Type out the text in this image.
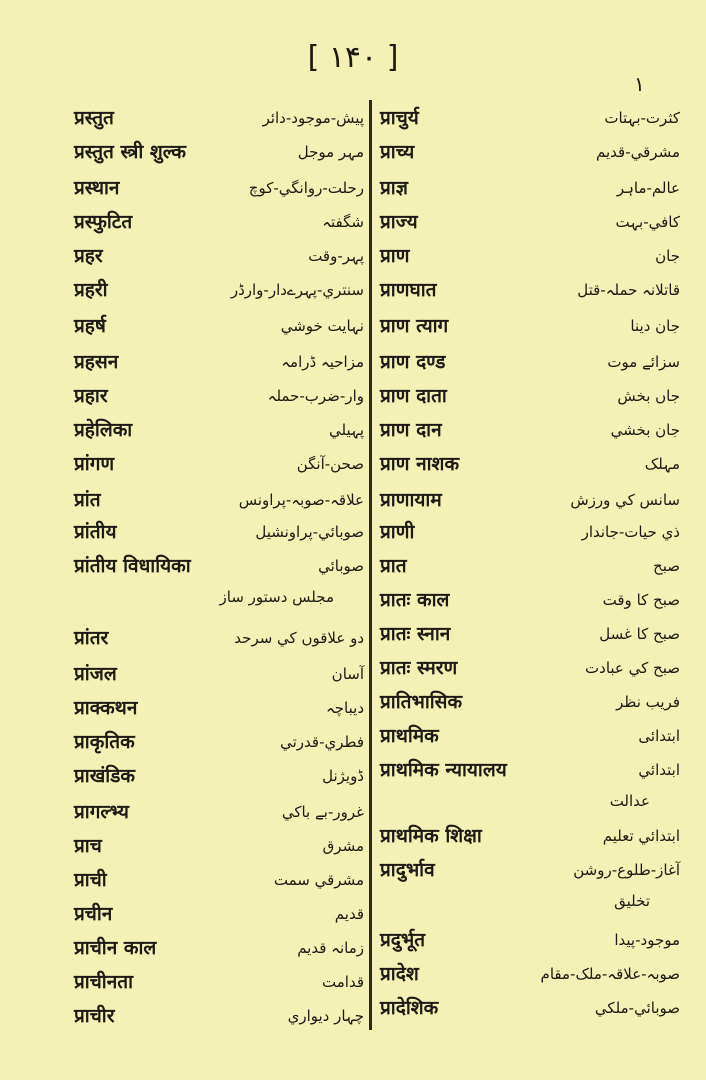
[ ۱۴۰ ]
۱
प्रस्तुत	پیش-موجود-دائر
प्रस्तुत स्त्री शुल्क	مہر موجل
प्रस्थान	رحلت-روانگي-کوچ
प्रस्फुटित	شگفتہ
प्रहर	پہر-وقت
प्रहरी	سنتري-پہرےدار-وارڈر
प्रहर्ष	نہایت خوشي
प्रहसन	مزاحیہ ڈرامہ
प्रहार	وار-ضرب-حملہ
प्रहेलिका	پہیلي
प्रांगण	صحن-آنگن
प्रांत	علاقہ-صوبہ-پراونس
प्रांतीय	صوبائي-پراونشیل
प्रांतीय विधायिका	صوبائي
مجلس دستور ساز
प्रांतर	دو علاقوں کي سرحد
प्रांजल	آسان
प्राक्कथन	دیباچہ
प्राकृतिक	فطري-قدرتي
प्राखंडिक	ڈویژنل
प्रागल्भ्य	غرور-بے باکي
प्राच	مشرق
प्राची	مشرقي سمت
प्रचीन	قدیم
प्राचीन काल	زمانہ قدیم
प्राचीनता	قدامت
प्राचीर	چہار دیواري
प्राचुर्य	کثرت-بہتات
प्राच्य	مشرقي-قدیم
प्राज्ञ	عالم-ماہر
प्राज्य	کافي-بہت
प्राण	جان
प्राणघात	قاتلانہ حملہ-قتل
प्राण त्याग	جان دینا
प्राण दण्ड	سزائے موت
प्राण दाता	جاں بخش
प्राण दान	جان بخشي
प्राण नाशक	مہلک
प्राणायाम	سانس کي ورزش
प्राणी	ذي حیات-جاندار
प्रात	صبح
प्रातः काल	صبح کا وقت
प्रातः स्नान	صبح کا غسل
प्रातः स्मरण	صبح کي عبادت
प्रातिभासिक	فریب نظر
प्राथमिक	ابتدائی
प्राथमिक न्यायालय	ابتدائي
عدالت
प्राथमिक शिक्षा	ابتدائي تعلیم
प्रादुर्भाव	آغاز-طلوع-روشن
تخلیق
प्रदुर्भूत	موجود-پیدا
प्रादेश	صوبہ-علاقہ-ملک-مقام
प्रादेशिक	صوبائي-ملکي
